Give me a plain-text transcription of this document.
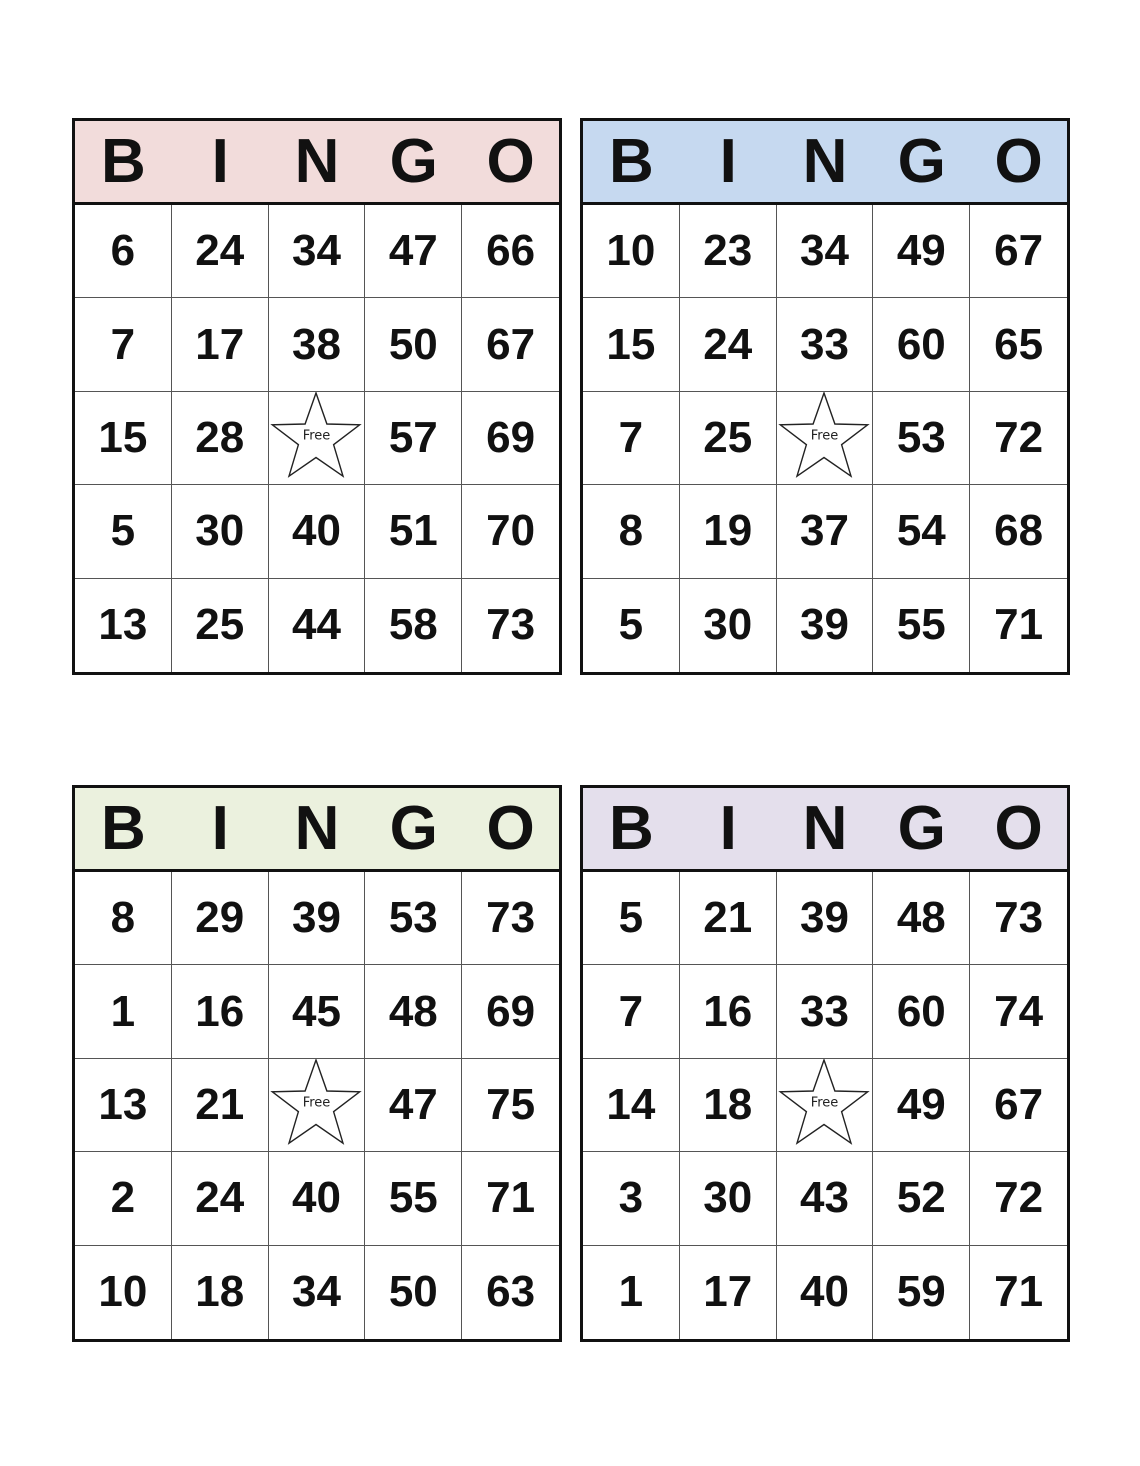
B	I	N G O
6	24	34	47	66
7	17	38	50	67
15	28	Free	57	69
5	30	40	51	70
13	25	44	58	73
B	I	N G O
10	23	34	49	67
15	24	33	60	65
7	25	Free	53	72
8	19	37	54	68
5	30	39	55	71
B	I	N G O
8	29	39	53	73
1	16	45	48	69
13	21	Free	47	75
2	24	40	55	71
10	18	34	50	63
B	I	N G O
5	21	39	48	73
7	16	33	60	74
14	18	Free	49	67
3	30	43	52	72
1	17	40	59	71
